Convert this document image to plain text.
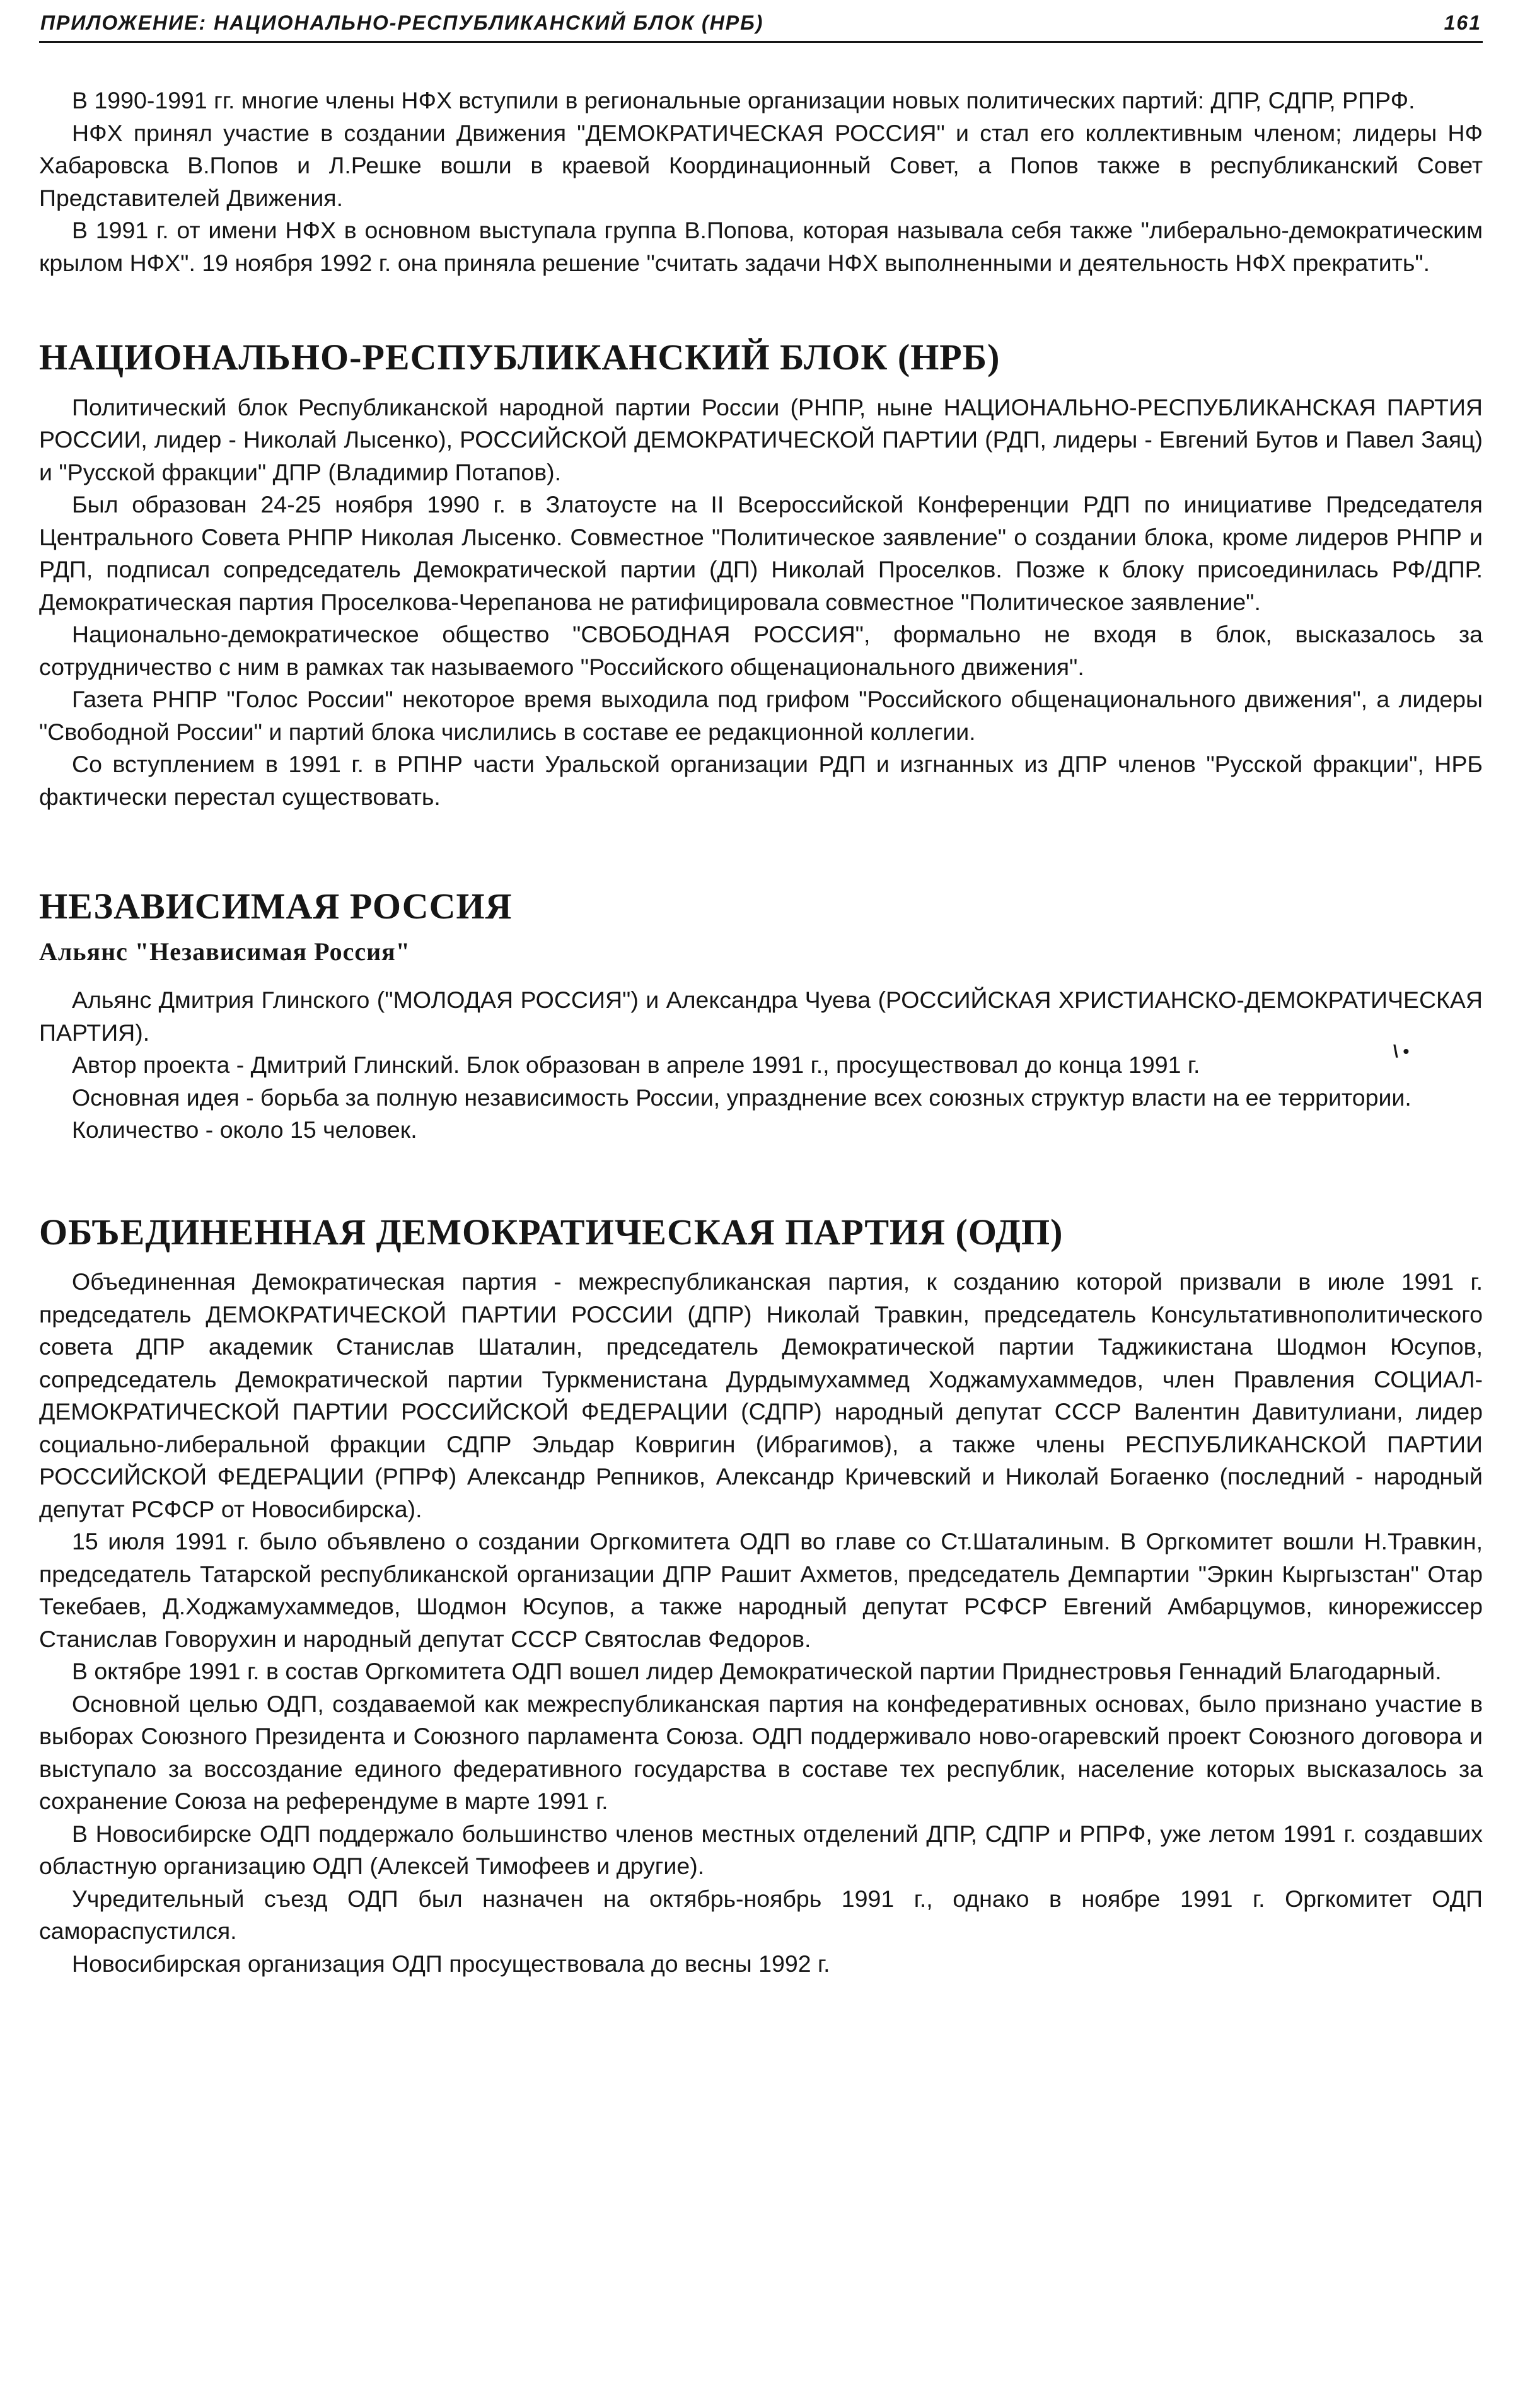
ПРИЛОЖЕНИЕ: НАЦИОНАЛЬНО-РЕСПУБЛИКАНСКИЙ БЛОК (НРБ)	161

В 1990-1991 гг. многие члены НФХ вступили в региональные организации новых политических партий: ДПР, СДПР, РПРФ.

НФХ принял участие в создании Движения "ДЕМОКРАТИЧЕСКАЯ РОССИЯ" и стал его коллективным членом; лидеры НФ Хабаровска В.Попов и Л.Решке вошли в краевой Координационный Совет, а Попов также в республиканский Совет Представителей Движения.

В 1991 г. от имени НФХ в основном выступала группа В.Попова, которая называла себя также "либерально-демократическим крылом НФХ". 19 ноября 1992 г. она приняла решение "считать задачи НФХ выполненными и деятельность НФХ прекратить".

НАЦИОНАЛЬНО-РЕСПУБЛИКАНСКИЙ БЛОК (НРБ)

Политический блок Республиканской народной партии России (РНПР, ныне НАЦИОНАЛЬНО-РЕСПУБЛИКАНСКАЯ ПАРТИЯ РОССИИ, лидер - Николай Лысенко), РОССИЙСКОЙ ДЕМОКРАТИЧЕСКОЙ ПАРТИИ (РДП, лидеры - Евгений Бутов и Павел Заяц) и "Русской фракции" ДПР (Владимир Потапов).

Был образован 24-25 ноября 1990 г. в Златоусте на II Всероссийской Конференции РДП по инициативе Председателя Центрального Совета РНПР Николая Лысенко. Совместное "Политическое заявление" о создании блока, кроме лидеров РНПР и РДП, подписал сопредседатель Демократической партии (ДП) Николай Проселков. Позже к блоку присоединилась РФ/ДПР. Демократическая партия Проселкова-Черепанова не ратифицировала совместное "Политическое заявление".

Национально-демократическое общество "СВОБОДНАЯ РОССИЯ", формально не входя в блок, высказалось за сотрудничество с ним в рамках так называемого "Российского общенационального движения".

Газета РНПР "Голос России" некоторое время выходила под грифом "Российского общенационального движения", а лидеры "Свободной России" и партий блока числились в составе ее редакционной коллегии.

Со вступлением в 1991 г. в РПНР части Уральской организации РДП и изгнанных из ДПР членов "Русской фракции", НРБ фактически перестал существовать.

НЕЗАВИСИМАЯ РОССИЯ
Альянс "Независимая Россия"

Альянс Дмитрия Глинского ("МОЛОДАЯ РОССИЯ") и Александра Чуева (РОССИЙСКАЯ ХРИСТИАНСКО-ДЕМОКРАТИЧЕСКАЯ ПАРТИЯ).

Автор проекта - Дмитрий Глинский. Блок образован в апреле 1991 г., просуществовал до конца 1991 г.

Основная идея - борьба за полную независимость России, упразднение всех союзных структур власти на ее территории.

Количество - около 15 человек.

ОБЪЕДИНЕННАЯ ДЕМОКРАТИЧЕСКАЯ ПАРТИЯ (ОДП)

Объединенная Демократическая партия - межреспубликанская партия, к созданию которой призвали в июле 1991 г. председатель ДЕМОКРАТИЧЕСКОЙ ПАРТИИ РОССИИ (ДПР) Николай Травкин, председатель Консультативнополитического совета ДПР академик Станислав Шаталин, председатель Демократической партии Таджикистана Шодмон Юсупов, сопредседатель Демократической партии Туркменистана Дурдымухаммед Ходжамухаммедов, член Правления СОЦИАЛ-ДЕМОКРАТИЧЕСКОЙ ПАРТИИ РОССИЙСКОЙ ФЕДЕРАЦИИ (СДПР) народный депутат СССР Валентин Давитулиани, лидер социально-либеральной фракции СДПР Эльдар Ковригин (Ибрагимов), а также члены РЕСПУБЛИКАНСКОЙ ПАРТИИ РОССИЙСКОЙ ФЕДЕРАЦИИ (РПРФ) Александр Репников, Александр Кричевский и Николай Богаенко (последний - народный депутат РСФСР от Новосибирска).

15 июля 1991 г. было объявлено о создании Оргкомитета ОДП во главе со Ст.Шаталиным. В Оргкомитет вошли Н.Травкин, председатель Татарской республиканской организации ДПР Рашит Ахметов, председатель Демпартии "Эркин Кыргызстан" Отар Текебаев, Д.Ходжамухаммедов, Шодмон Юсупов, а также народный депутат РСФСР Евгений Амбарцумов, кинорежиссер Станислав Говорухин и народный депутат СССР Святослав Федоров.

В октябре 1991 г. в состав Оргкомитета ОДП вошел лидер Демократической партии Приднестровья Геннадий Благодарный.

Основной целью ОДП, создаваемой как межреспубликанская партия на конфедеративных основах, было признано участие в выборах Союзного Президента и Союзного парламента Союза. ОДП поддерживало ново-огаревский проект Союзного договора и выступало за воссоздание единого федеративного государства в составе тех республик, население которых высказалось за сохранение Союза на референдуме в марте 1991 г.

В Новосибирске ОДП поддержало большинство членов местных отделений ДПР, СДПР и РПРФ, уже летом 1991 г. создавших областную организацию ОДП (Алексей Тимофеев и другие).

Учредительный съезд ОДП был назначен на октябрь-ноябрь 1991 г., однако в ноябре 1991 г. Оргкомитет ОДП самораспустился.

Новосибирская организация ОДП просуществовала до весны 1992 г.

\ •
